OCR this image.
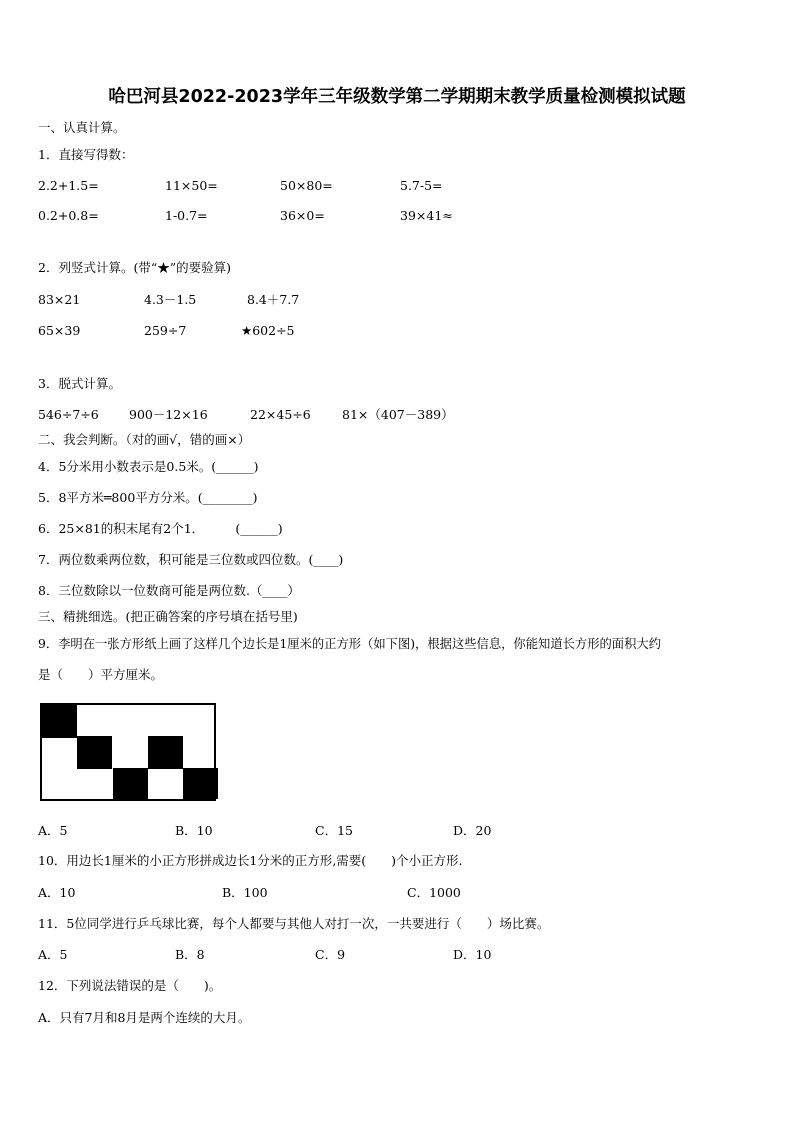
哈巴河县2022-2023学年三年级数学第二学期期末教学质量检测模拟试题
一、认真计算。
1．直接写得数：
2.2+1.5=	11×50=	50×80=	5.7-5=
0.2+0.8=	1-0.7=	36×0=	39×41≈
2．列竖式计算。(带“★”的要验算)
83×21	4.3－1.5	8.4＋7.7
65×39	259÷7	★602÷5
3．脱式计算。
546÷7÷6 900－12×16	22×45÷6	81×（407－389）
二、我会判断。（对的画√，错的画×）
4．5分米用小数表示是0.5米。(______)
5．8平方米═800平方分米。(________)
6．25×81的积末尾有2个1．　　　(______)
7．两位数乘两位数，积可能是三位数或四位数。(____)
8．三位数除以一位数商可能是两位数.（____）
三、精挑细选。(把正确答案的序号填在括号里)
9．李明在一张方形纸上画了这样几个边长是1厘米的正方形（如下图)，根据这些信息，你能知道长方形的面积大约
是（　　）平方厘米。
A．5	B．10	C．15	D．20
10．用边长1厘米的小正方形拼成边长1分米的正方形,需要(　　)个小正方形.
A．10	B．100	C．1000
11．5位同学进行乒乓球比赛，每个人都要与其他人对打一次，一共要进行（　　）场比赛。
A．5	B．8	C．9	D．10
12．下列说法错误的是（　　)。
A．只有7月和8月是两个连续的大月。
